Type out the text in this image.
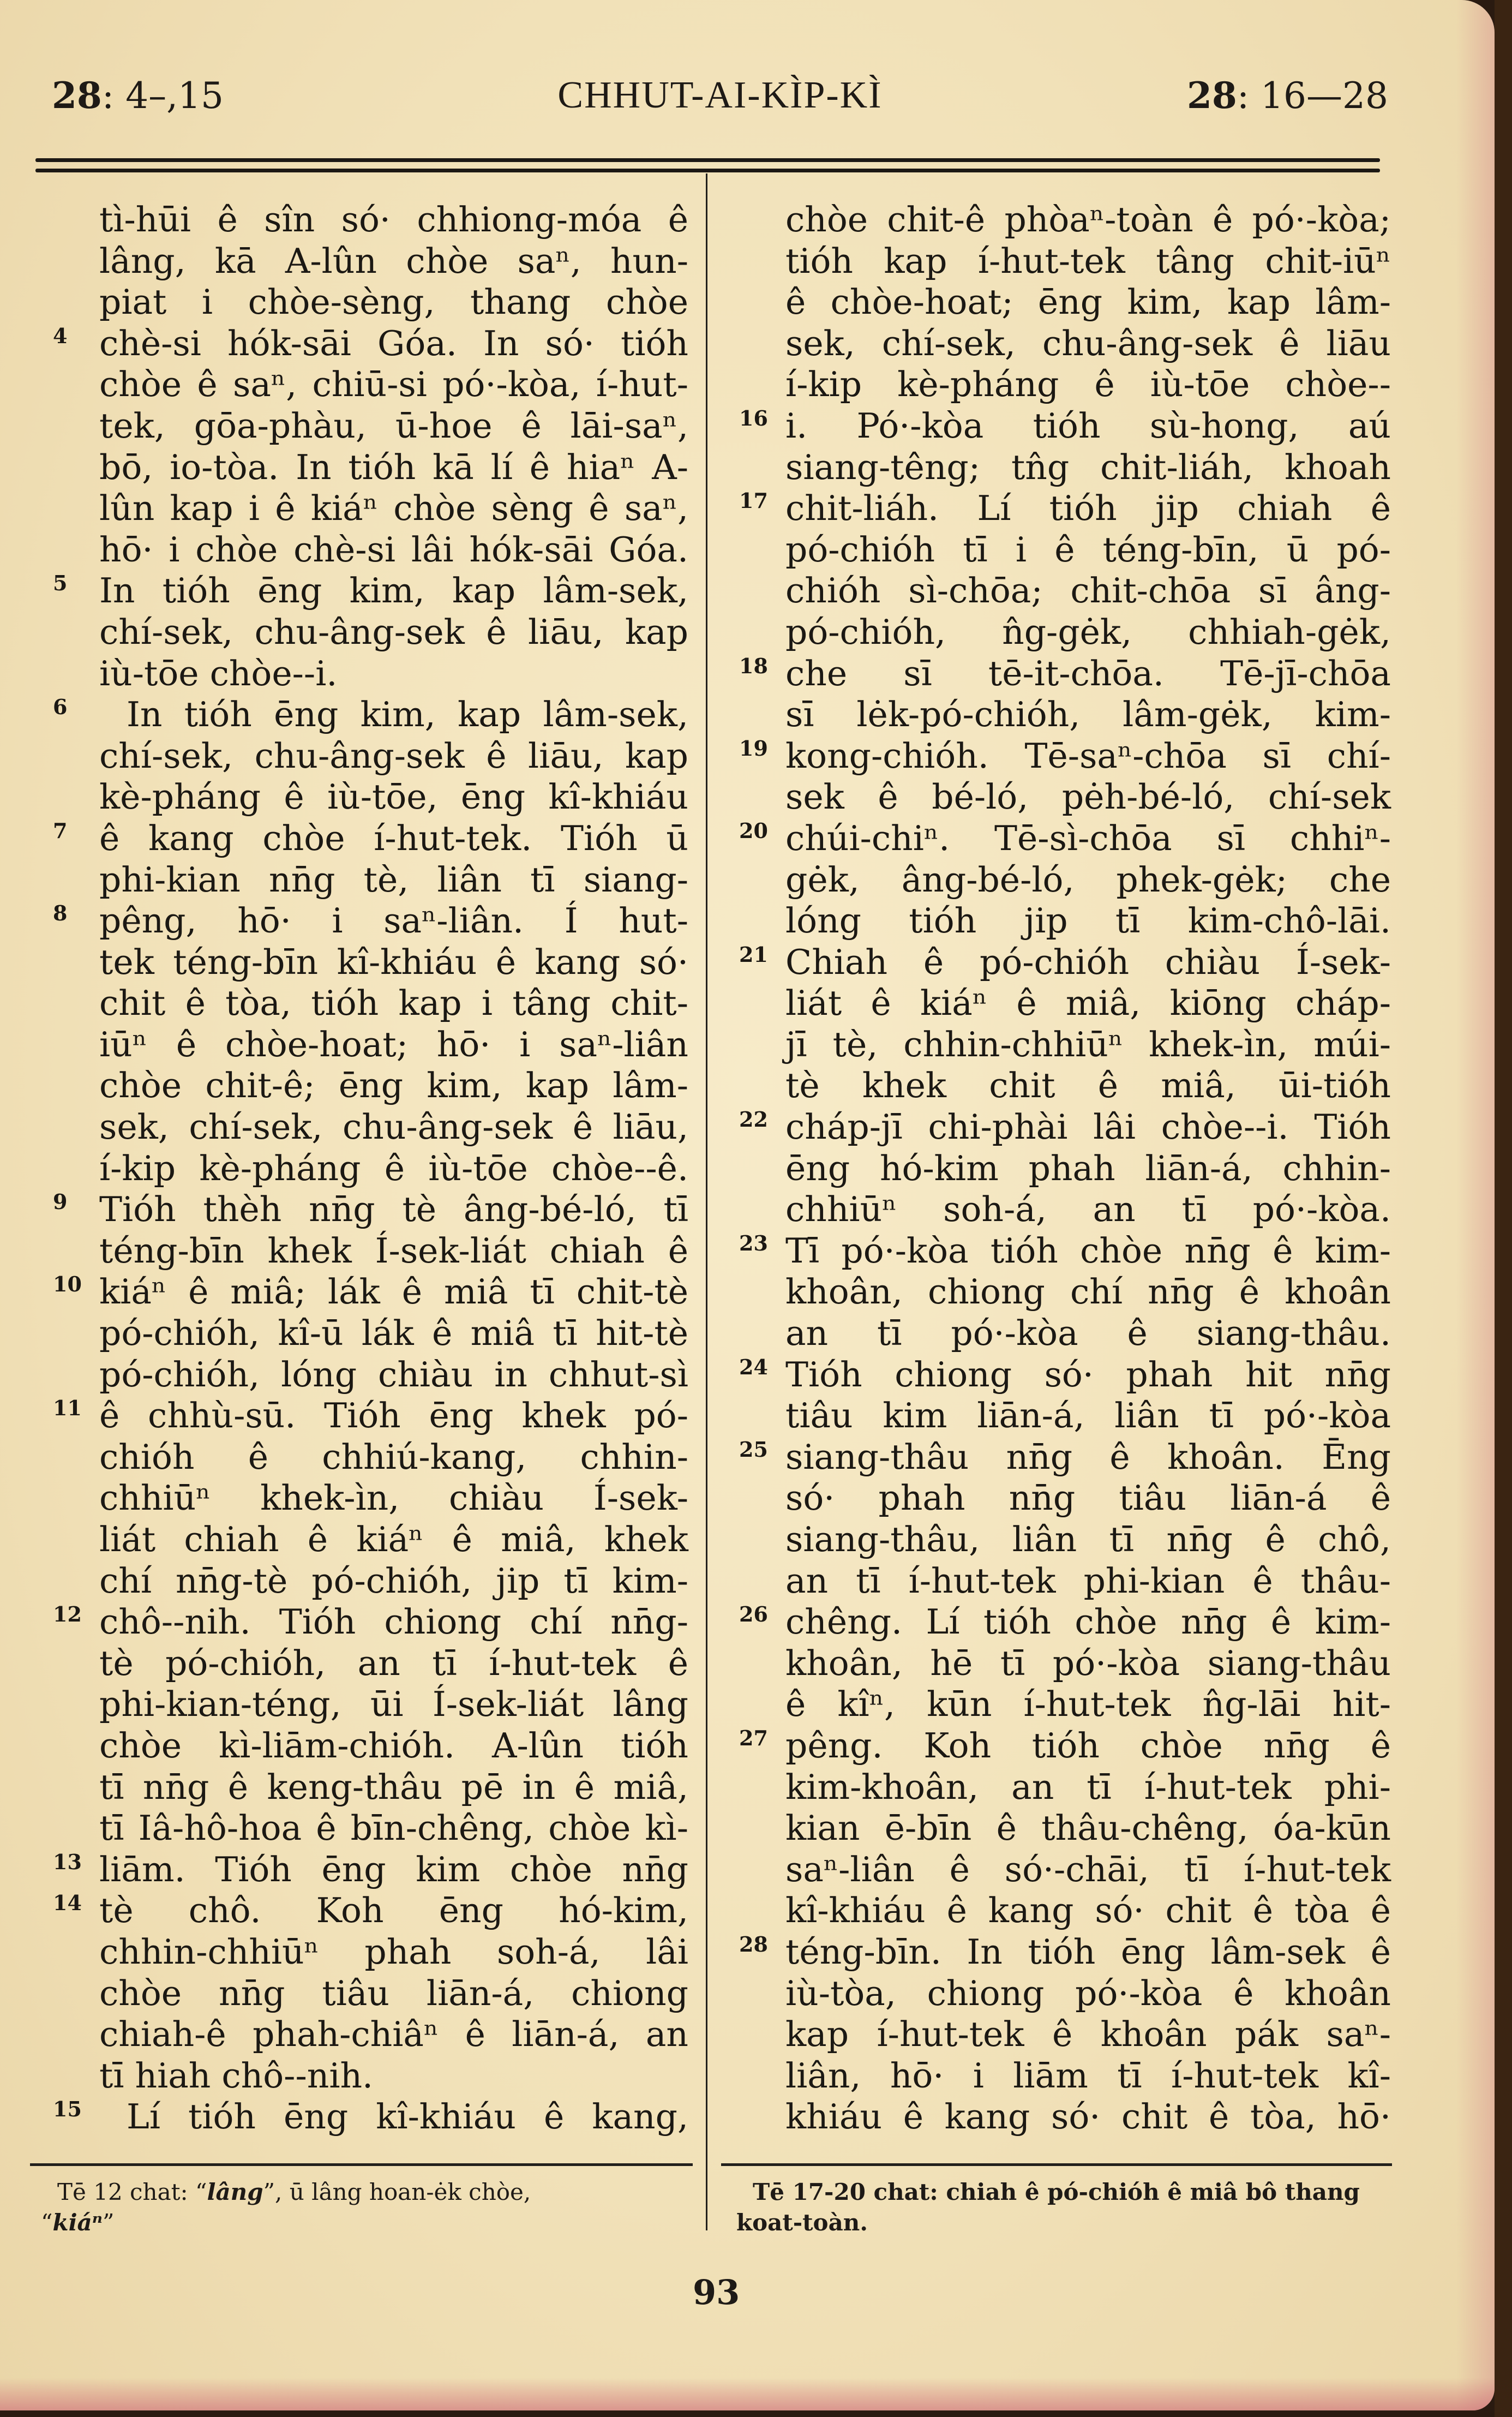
28: 4–,15	CHHUT-AI-KÌP-KÌ	28: 16—28
tì-hūi ê sîn só· chhiong-móa ê
lâng, kā A-lûn chòe saⁿ, hun-
piat i chòe-sèng, thang chòe
4 chè-si hók-sāi Góa. In só· tióh
chòe ê saⁿ, chiū-si pó·-kòa, í-hut-
tek, gōa-phàu, ū-hoe ê lāi-saⁿ,
bō, io-tòa. In tióh kā lí ê hiaⁿ A-
lûn kap i ê kiáⁿ chòe sèng ê saⁿ,
hō· i chòe chè-si lâi hók-sāi Góa.
5 In tióh ēng kim, kap lâm-sek,
chí-sek, chu-âng-sek ê liāu, kap
iù-tōe chòe--i.
6	In tióh ēng kim, kap lâm-sek,
chí-sek, chu-âng-sek ê liāu, kap
kè-pháng ê iù-tōe, ēng kî-khiáu
7 ê kang chòe í-hut-tek. Tióh ū
phi-kian nn̄g tè, liân tī siang-
8 pêng, hō· i saⁿ-liân. Í hut-
tek téng-bīn kî-khiáu ê kang só·
chit ê tòa, tióh kap i tâng chit-
iūⁿ ê chòe-hoat; hō· i saⁿ-liân
chòe chit-ê; ēng kim, kap lâm-
sek, chí-sek, chu-âng-sek ê liāu,
í-kip kè-pháng ê iù-tōe chòe--ê.
9 Tióh thèh nn̄g tè âng-bé-ló, tī
téng-bīn khek Í-sek-liát chiah ê
10 kiáⁿ ê miâ; lák ê miâ tī chit-tè
pó-chióh, kî-ū lák ê miâ tī hit-tè
pó-chióh, lóng chiàu in chhut-sì
11 ê chhù-sū. Tióh ēng khek pó-
chióh ê chhiú-kang, chhin-
chhiūⁿ khek-ìn, chiàu Í-sek-
liát chiah ê kiáⁿ ê miâ, khek
chí nn̄g-tè pó-chióh, jip tī kim-
12 chô--nih. Tióh chiong chí nn̄g-
tè pó-chióh, an tī í-hut-tek ê
phi-kian-téng, ūi Í-sek-liát lâng
chòe kì-liām-chióh. A-lûn tióh
tī nn̄g ê keng-thâu pē in ê miâ,
tī Iâ-hô-hoa ê bīn-chêng, chòe kì-
13 liām. Tióh ēng kim chòe nn̄g
14 tè chô. Koh ēng hó-kim,
chhin-chhiūⁿ phah soh-á, lâi
chòe nn̄g tiâu liān-á, chiong
chiah-ê phah-chiâⁿ ê liān-á, an
tī hiah chô--nih.
15	Lí tióh ēng kî-khiáu ê kang,
chòe chit-ê phòaⁿ-toàn ê pó·-kòa;
tióh kap í-hut-tek tâng chit-iūⁿ
ê chòe-hoat; ēng kim, kap lâm-
sek, chí-sek, chu-âng-sek ê liāu
í-kip kè-pháng ê iù-tōe chòe--
16 i. Pó·-kòa tióh sù-hong, aú
siang-têng; tn̂g chit-liáh, khoah
17 chit-liáh. Lí tióh jip chiah ê
pó-chióh tī i ê téng-bīn, ū pó-
chióh sì-chōa; chit-chōa sī âng-
pó-chióh, n̂g-gėk, chhiah-gėk,
18 che sī tē-it-chōa. Tē-jī-chōa
sī lėk-pó-chióh, lâm-gėk, kim-
19 kong-chióh. Tē-saⁿ-chōa sī chí-
sek ê bé-ló, pėh-bé-ló, chí-sek
20 chúi-chiⁿ. Tē-sì-chōa sī chhiⁿ-
gėk, âng-bé-ló, phek-gėk; che
lóng tióh jip tī kim-chô-lāi.
21 Chiah ê pó-chióh chiàu Í-sek-
liát ê kiáⁿ ê miâ, kiōng cháp-
jī tè, chhin-chhiūⁿ khek-ìn, múi-
tè khek chit ê miâ, ūi-tióh
22 cháp-jī chi-phài lâi chòe--i. Tióh
ēng hó-kim phah liān-á, chhin-
chhiūⁿ soh-á, an tī pó·-kòa.
23 Tī pó·-kòa tióh chòe nn̄g ê kim-
khoân, chiong chí nn̄g ê khoân
an tī pó·-kòa ê siang-thâu.
24 Tióh chiong só· phah hit nn̄g
tiâu kim liān-á, liân tī pó·-kòa
25 siang-thâu nn̄g ê khoân. Ēng
só· phah nn̄g tiâu liān-á ê
siang-thâu, liân tī nn̄g ê chô,
an tī í-hut-tek phi-kian ê thâu-
26 chêng. Lí tióh chòe nn̄g ê kim-
khoân, hē tī pó·-kòa siang-thâu
ê kîⁿ, kūn í-hut-tek n̂g-lāi hit-
27 pêng. Koh tióh chòe nn̄g ê
kim-khoân, an tī í-hut-tek phi-
kian ē-bīn ê thâu-chêng, óa-kūn
saⁿ-liân ê só·-chāi, tī í-hut-tek
kî-khiáu ê kang só· chit ê tòa ê
28 téng-bīn. In tióh ēng lâm-sek ê
iù-tòa, chiong pó·-kòa ê khoân
kap í-hut-tek ê khoân pák saⁿ-
liân, hō· i liām tī í-hut-tek kî-
khiáu ê kang só· chit ê tòa, hō·
Tē 12 chat: “lâng”, ū lâng hoan-ėk chòe,
“kiáⁿ”
Tē 17-20 chat: chiah ê pó-chióh ê miâ bô thang koat-toàn.
93
